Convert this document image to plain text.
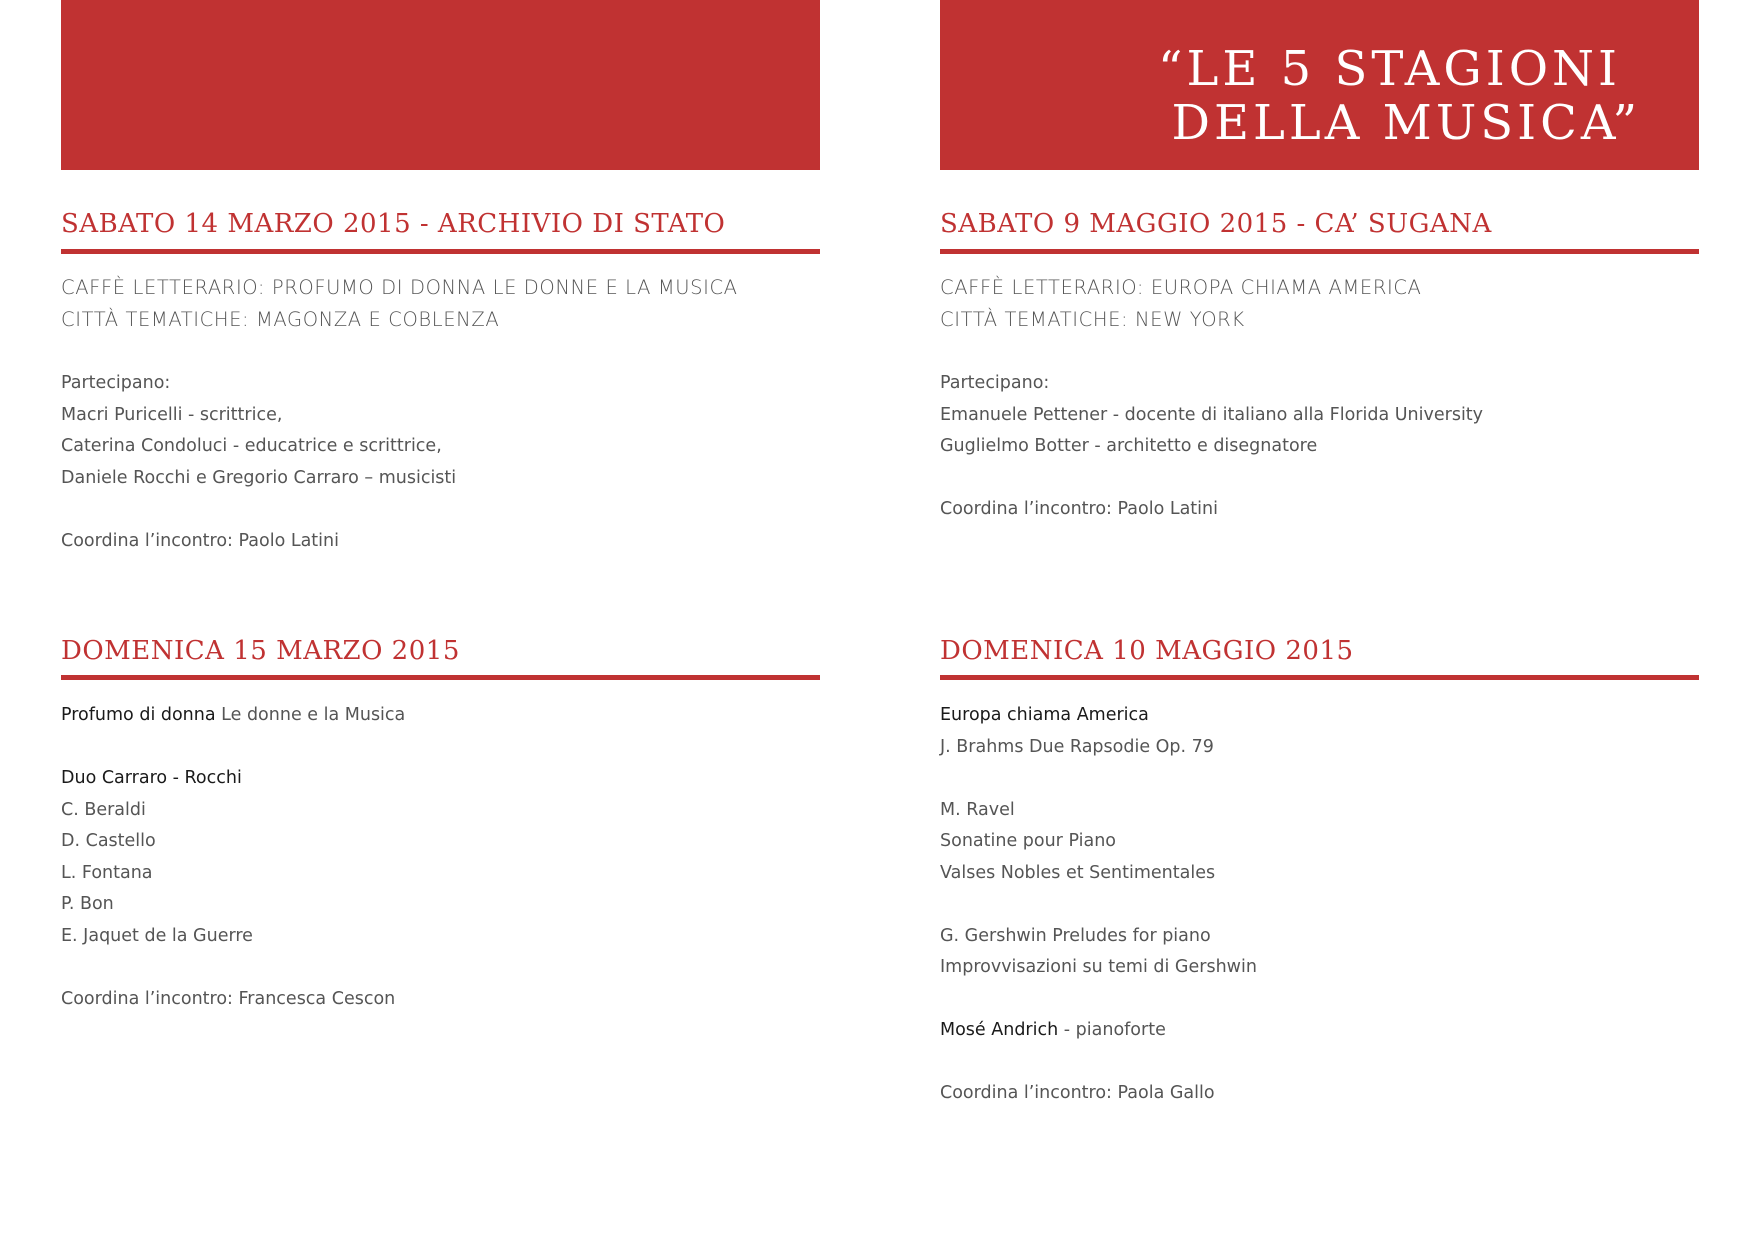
SABATO 14 MARZO 2015 - ARCHIVIO DI STATO
CAFFÈ LETTERARIO: PROFUMO DI DONNA LE DONNE E LA MUSICA
CITTÀ TEMATICHE: MAGONZA E COBLENZA
Partecipano:
Macri Puricelli - scrittrice,
Caterina Condoluci - educatrice e scrittrice,
Daniele Rocchi e Gregorio Carraro – musicisti
Coordina l’incontro: Paolo Latini
DOMENICA 15 MARZO 2015
Profumo di donna Le donne e la Musica
Duo Carraro - Rocchi
C. Beraldi
D. Castello
L. Fontana
P. Bon
E. Jaquet de la Guerre
Coordina l’incontro: Francesca Cescon
“LE 5 STAGIONI
DELLA MUSICA”
SABATO 9 MAGGIO 2015 - CA’ SUGANA
CAFFÈ LETTERARIO: EUROPA CHIAMA AMERICA
CITTÀ TEMATICHE: NEW YORK
Partecipano:
Emanuele Pettener - docente di italiano alla Florida University
Guglielmo Botter - architetto e disegnatore
Coordina l’incontro: Paolo Latini
DOMENICA 10 MAGGIO 2015
Europa chiama America
J. Brahms Due Rapsodie Op. 79
M. Ravel
Sonatine pour Piano
Valses Nobles et Sentimentales
G. Gershwin Preludes for piano
Improvvisazioni su temi di Gershwin
Mosé Andrich - pianoforte
Coordina l’incontro: Paola Gallo
